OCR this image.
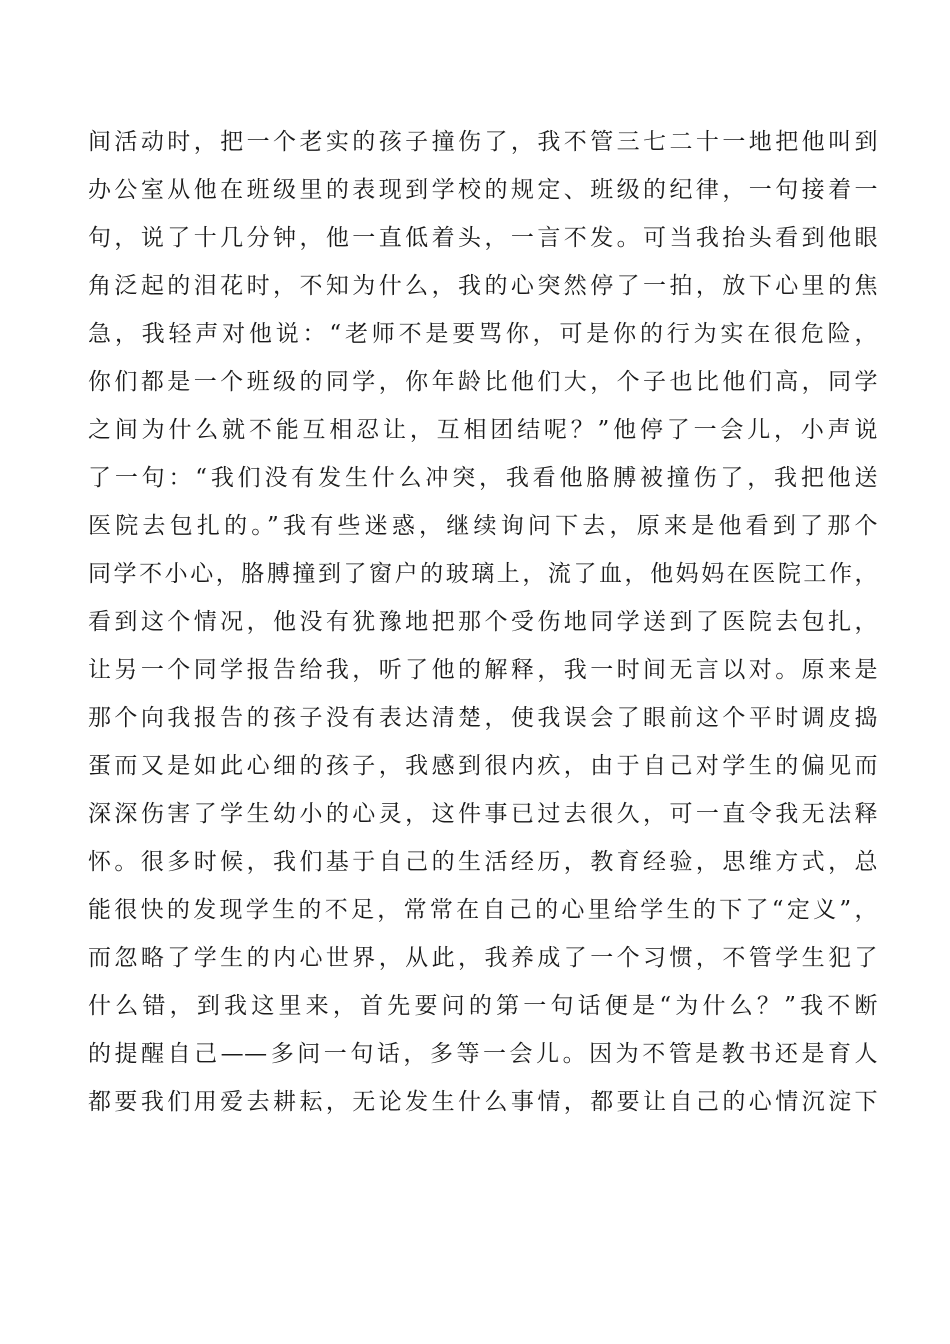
间活动时，把一个老实的孩子撞伤了，我不管三七二十一地把他叫到
办公室从他在班级里的表现到学校的规定、班级的纪律，一句接着一
句，说了十几分钟，他一直低着头，一言不发。可当我抬头看到他眼
角泛起的泪花时，不知为什么，我的心突然停了一拍，放下心里的焦
急，我轻声对他说：“老师不是要骂你，可是你的行为实在很危险，
你们都是一个班级的同学，你年龄比他们大，个子也比他们高，同学
之间为什么就不能互相忍让，互相团结呢？”他停了一会儿，小声说
了一句：“我们没有发生什么冲突，我看他胳膊被撞伤了，我把他送
医院去包扎的。”我有些迷惑，继续询问下去，原来是他看到了那个
同学不小心，胳膊撞到了窗户的玻璃上，流了血，他妈妈在医院工作，
看到这个情况，他没有犹豫地把那个受伤地同学送到了医院去包扎，
让另一个同学报告给我，听了他的解释，我一时间无言以对。原来是
那个向我报告的孩子没有表达清楚，使我误会了眼前这个平时调皮捣
蛋而又是如此心细的孩子，我感到很内疚，由于自己对学生的偏见而
深深伤害了学生幼小的心灵，这件事已过去很久，可一直令我无法释
怀。很多时候，我们基于自己的生活经历，教育经验，思维方式，总
能很快的发现学生的不足，常常在自己的心里给学生的下了“定义”，
而忽略了学生的内心世界，从此，我养成了一个习惯，不管学生犯了
什么错，到我这里来，首先要问的第一句话便是“为什么？”我不断
的提醒自己——多问一句话，多等一会儿。因为不管是教书还是育人
都要我们用爱去耕耘，无论发生什么事情，都要让自己的心情沉淀下
